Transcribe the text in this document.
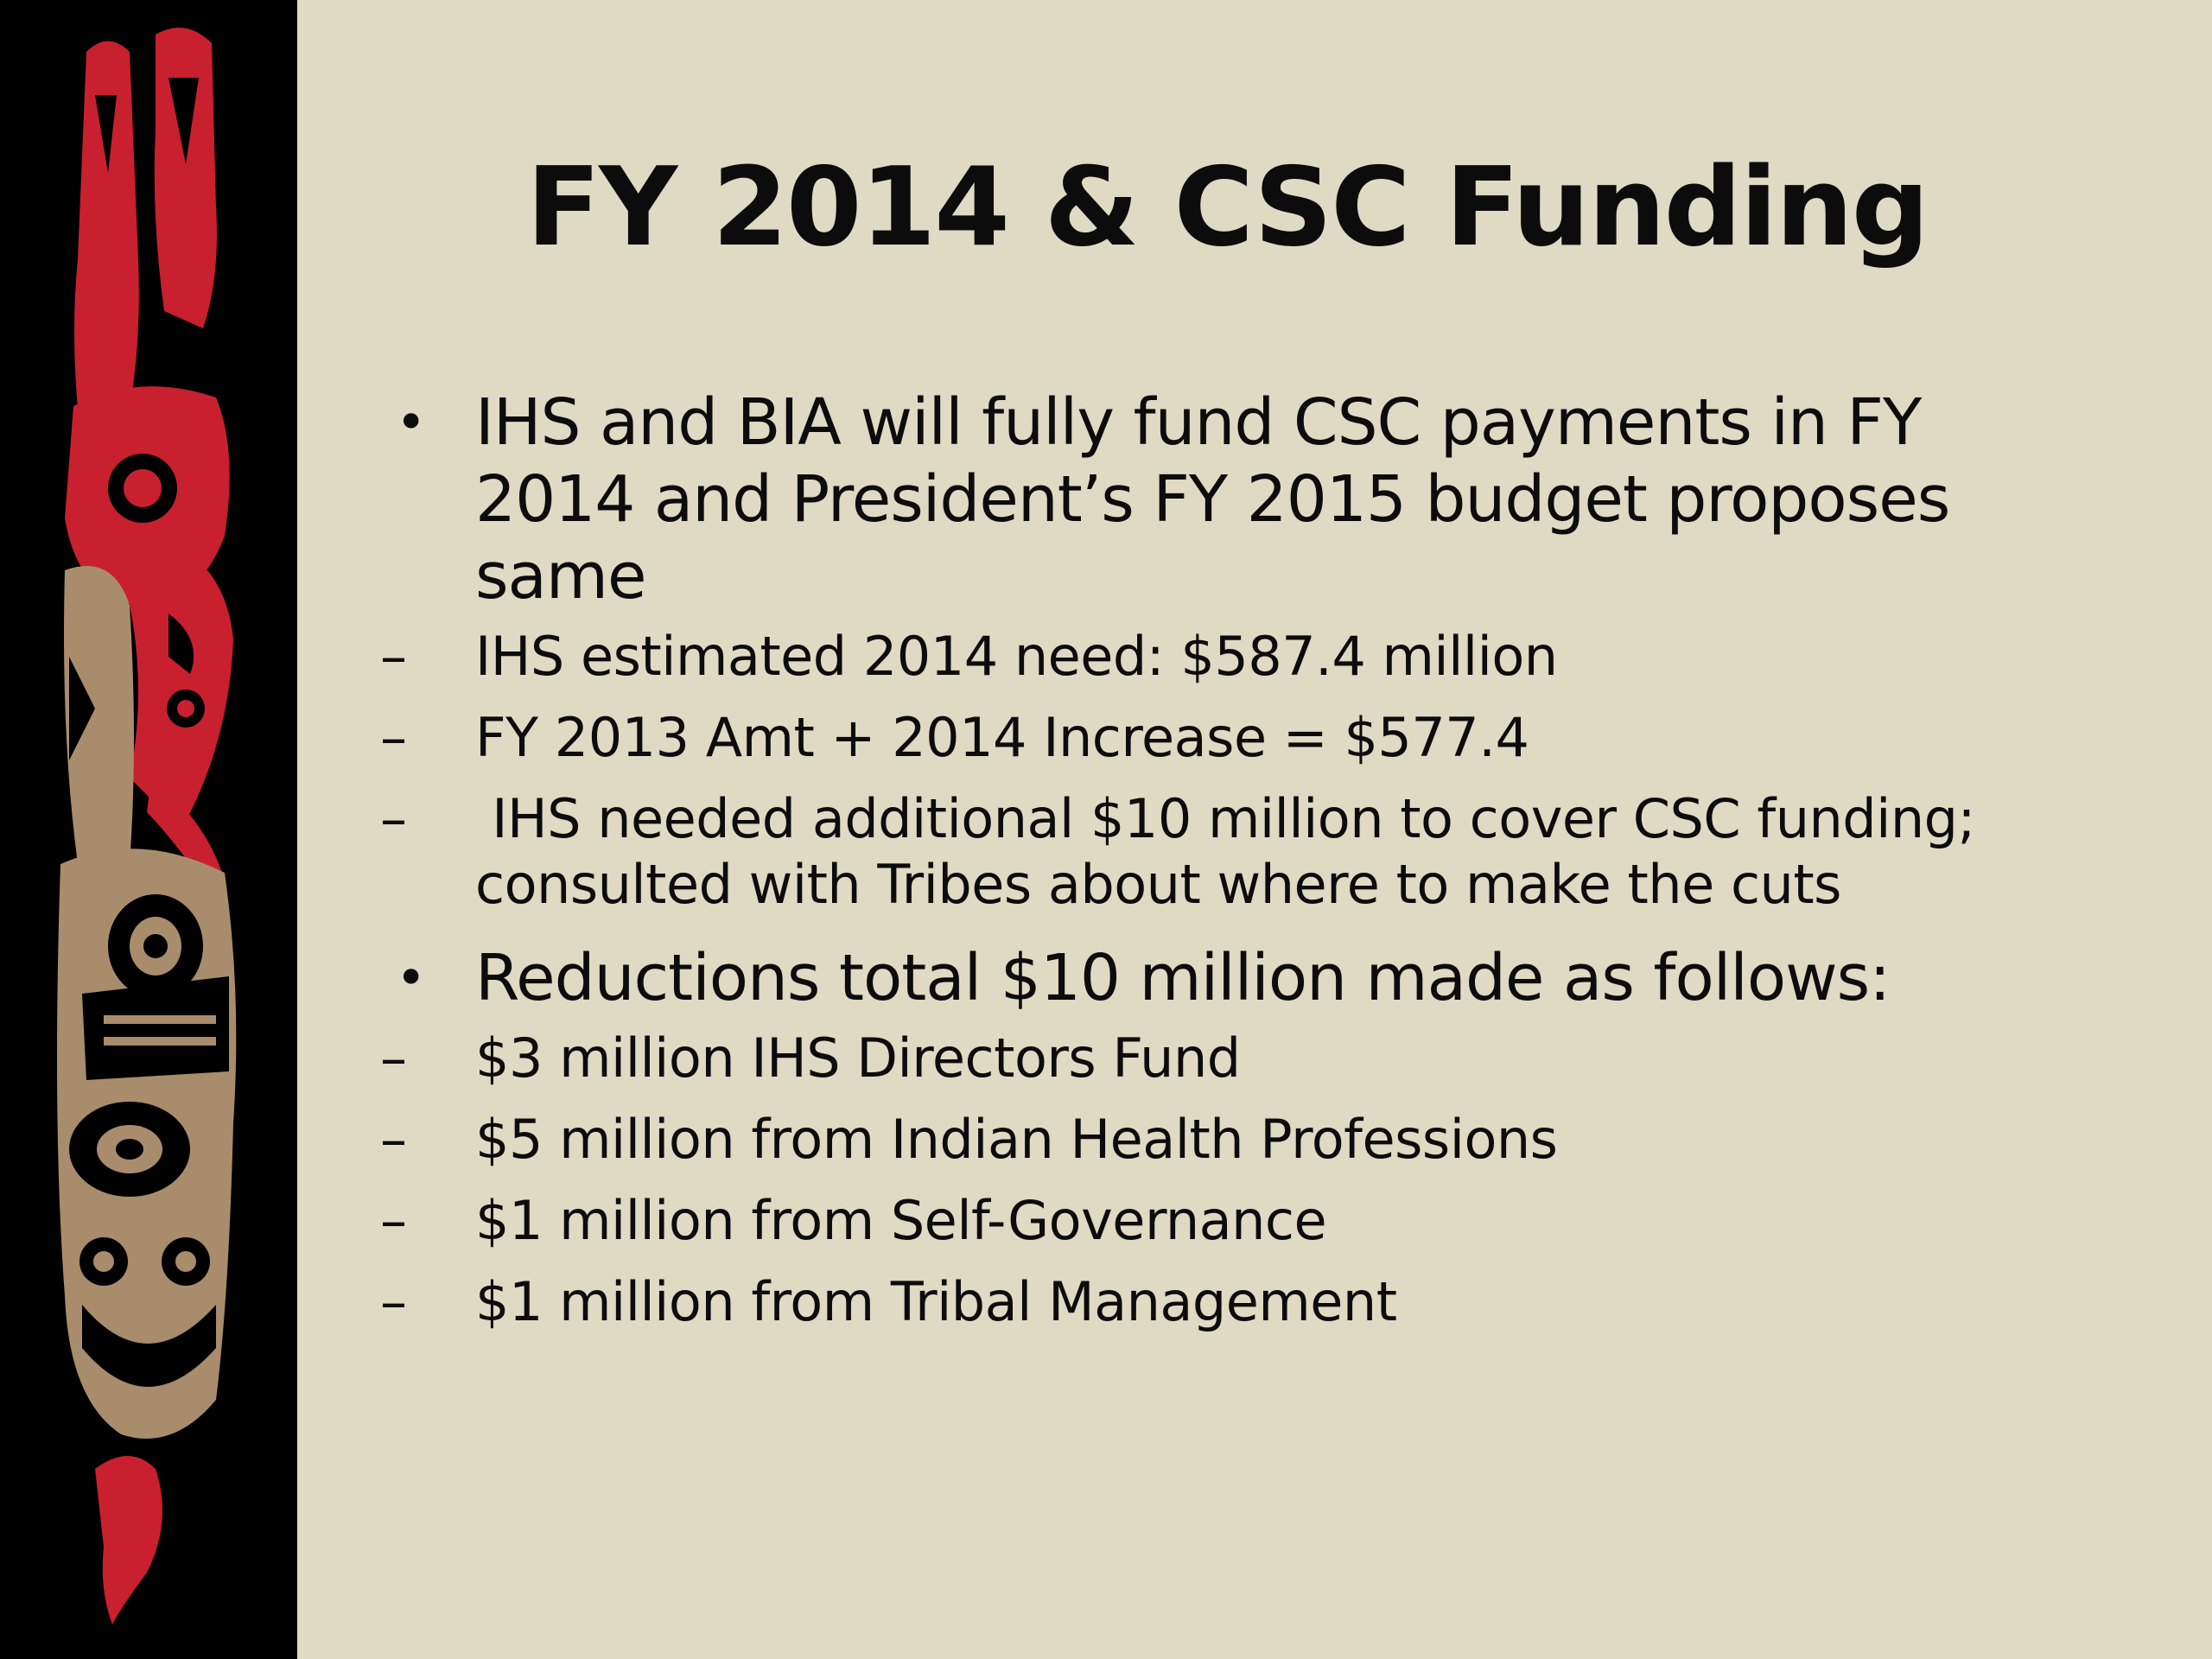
FY 2014 & CSC Funding
• IHS and BIA will fully fund CSC payments in FY 2014 and President’s FY 2015 budget proposes same
– IHS estimated 2014 need: $587.4 million
– FY 2013 Amt + 2014 Increase = $577.4
– IHS needed additional $10 million to cover CSC funding; consulted with Tribes about where to make the cuts
• Reductions total $10 million made as follows:
– $3 million IHS Directors Fund
– $5 million from Indian Health Professions
– $1 million from Self-Governance
– $1 million from Tribal Management
